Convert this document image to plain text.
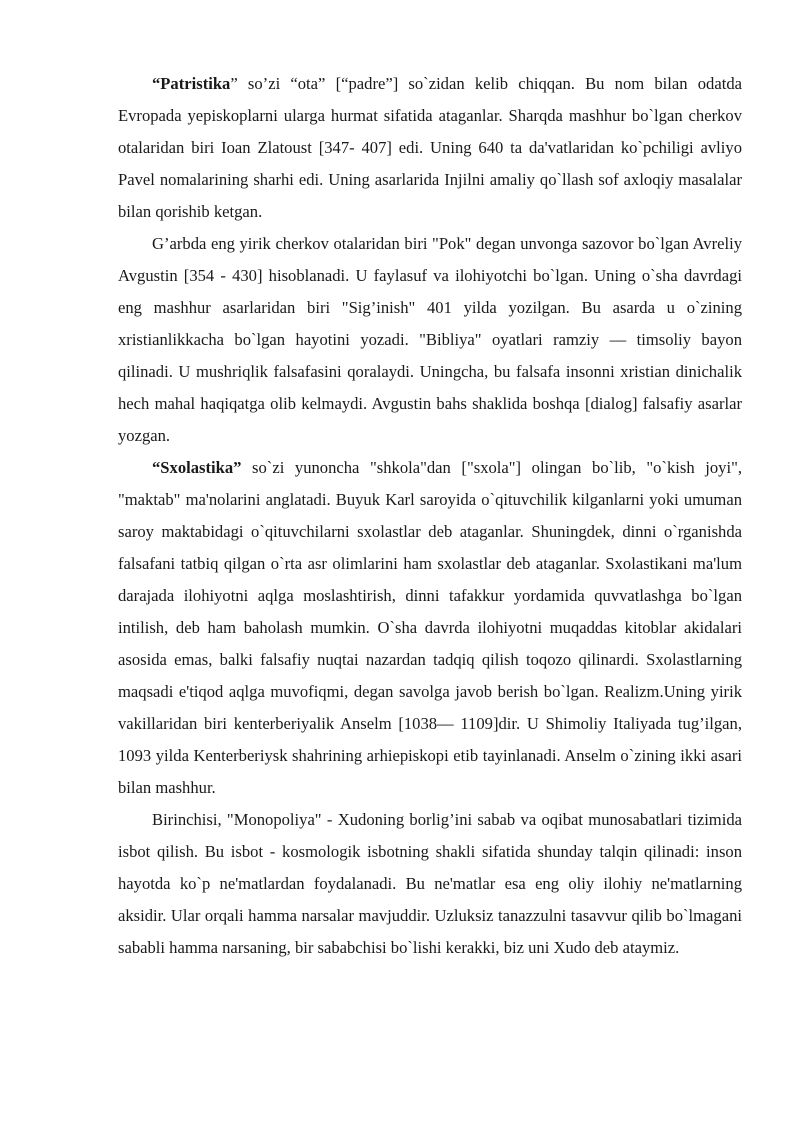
“Patristika” so’zi “ota” [“padre”] so`zidan kelib chiqqan. Bu nom bilan odatda Evropada yepiskoplarni ularga hurmat sifatida ataganlar. Sharqda mashhur bo`lgan cherkov otalaridan biri Ioan Zlatoust [347- 407] edi. Uning 640 ta da'vatlaridan ko`pchiligi avliyo Pavel nomalarining sharhi edi. Uning asarlarida Injilni amaliy qo`llash sof axloqiy masalalar bilan qorishib ketgan.

G’arbda eng yirik cherkov otalaridan biri "Pok" degan unvonga sazovor bo`lgan Avreliy Avgustin [354 - 430] hisoblanadi. U faylasuf va ilohiyotchi bo`lgan. Uning o`sha davrdagi eng mashhur asarlaridan biri "Sig’inish" 401 yilda yozilgan. Bu asarda u o`zining xristianlikkacha bo`lgan hayotini yozadi. "Bibliya" oyatlari ramziy — timsoliy bayon qilinadi. U mushriqlik falsafasini qoralaydi. Uningcha, bu falsafa insonni xristian dinichalik hech mahal haqiqatga olib kelmaydi. Avgustin bahs shaklida boshqa [dialog] falsafiy asarlar yozgan.

“Sxolastika” so`zi yunoncha "shkola"dan ["sxola"] olingan bo`lib, "o`kish joyi", "maktab" ma'nolarini anglatadi. Buyuk Karl saroyida o`qituvchilik kilganlarni yoki umuman saroy maktabidagi o`qituvchilarni sxolastlar deb ataganlar. Shuningdek, dinni o`rganishda falsafani tatbiq qilgan o`rta asr olimlarini ham sxolastlar deb ataganlar. Sxolastikani ma'lum darajada ilohiyotni aqlga moslashtirish, dinni tafakkur yordamida quvvatlashga bo`lgan intilish, deb ham baholash mumkin. O`sha davrda ilohiyotni muqaddas kitoblar akidalari asosida emas, balki falsafiy nuqtai nazardan tadqiq qilish toqozo qilinardi. Sxolastlarning maqsadi e'tiqod aqlga muvofiqmi, degan savolga javob berish bo`lgan. Realizm.Uning yirik vakillaridan biri kenterberiyalik Anselm [1038— 1109]dir. U Shimoliy Italiyada tug’ilgan, 1093 yilda Kenterberiysk shahrining arhiepiskopi etib tayinlanadi. Anselm o`zining ikki asari bilan mashhur.

Birinchisi, "Monopoliya" - Xudoning borlig’ini sabab va oqibat munosabatlari tizimida isbot qilish. Bu isbot - kosmologik isbotning shakli sifatida shunday talqin qilinadi: inson hayotda ko`p ne'matlardan foydalanadi. Bu ne'matlar esa eng oliy ilohiy ne'matlarning aksidir. Ular orqali hamma narsalar mavjuddir. Uzluksiz tanazzulni tasavvur qilib bo`lmagani sababli hamma narsaning, bir sababchisi bo`lishi kerakki, biz uni Xudo deb ataymiz.
